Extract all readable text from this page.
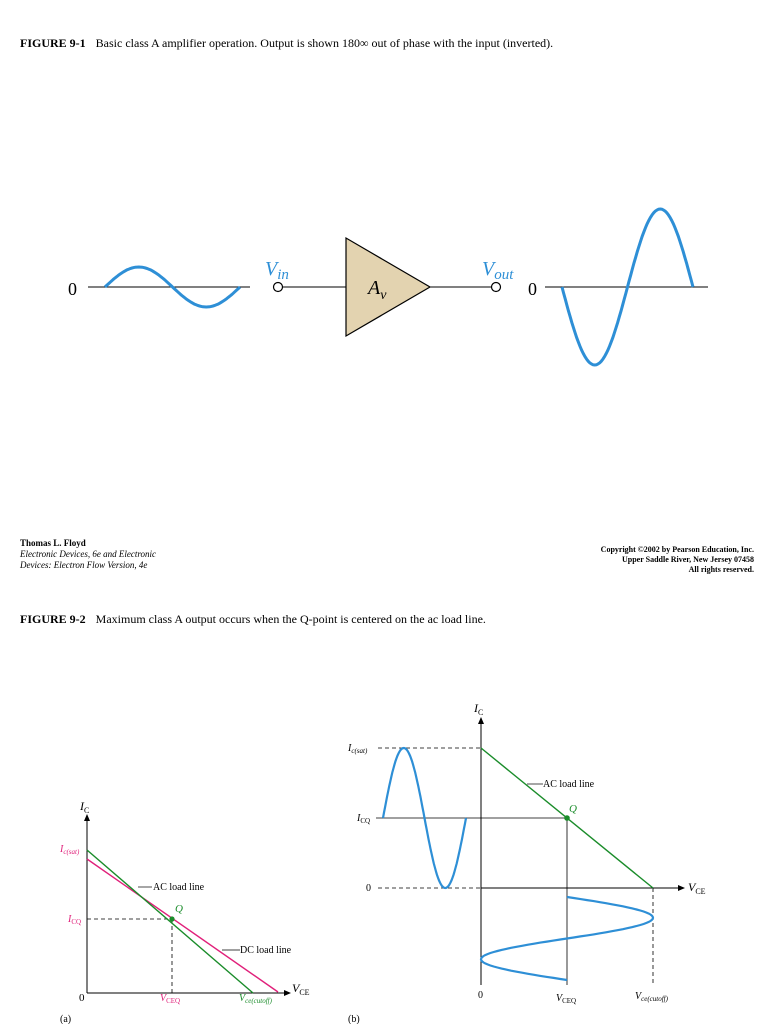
FIGURE 9-1 Basic class A amplifier operation. Output is shown 180∞ out of phase with the input (inverted).
0
$V_{in}$
$A_v$
$V_{out}$
0
Thomas L. Floyd
Electronic Devices, 6e and Electronic
Devices: Electron Flow Version, 4e
Copyright ©2002 by Pearson Education, Inc.
Upper Saddle River, New Jersey 07458
All rights reserved.
FIGURE 9-2 Maximum class A output occurs when the Q-point is centered on the ac load line.
$I_C$
$V_{CE}$
0
Q
$I_{c(sat)}$
$I_{CQ}$
$V_{CEQ}$	$V_{ce(cutoff)}$
AC load line
DC load line
(a)
$I_C$
$V_{CE}$
Q
$I_{c(sat)}$
$I_{CQ}$
0
0	$V_{CEQ}$	$V_{ce(cutoff)}$
AC load line
(b)
